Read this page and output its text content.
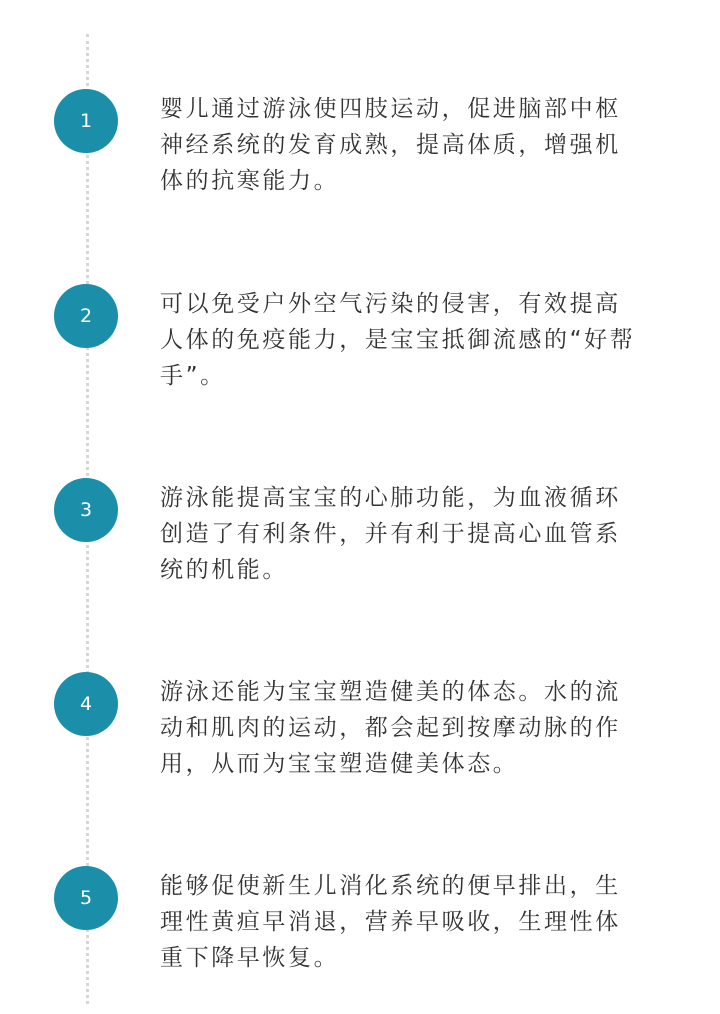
1	婴儿通过游泳使四肢运动，促进脑部中枢
神经系统的发育成熟，提高体质，增强机
体的抗寒能力。
2	可以免受户外空气污染的侵害，有效提高
人体的免疫能力，是宝宝抵御流感的“好帮
手”。
3	游泳能提高宝宝的心肺功能，为血液循环
创造了有利条件，并有利于提高心血管系
统的机能。
4	游泳还能为宝宝塑造健美的体态。水的流
动和肌肉的运动，都会起到按摩动脉的作
用，从而为宝宝塑造健美体态。
5	能够促使新生儿消化系统的便早排出，生
理性黄疸早消退，营养早吸收，生理性体
重下降早恢复。
